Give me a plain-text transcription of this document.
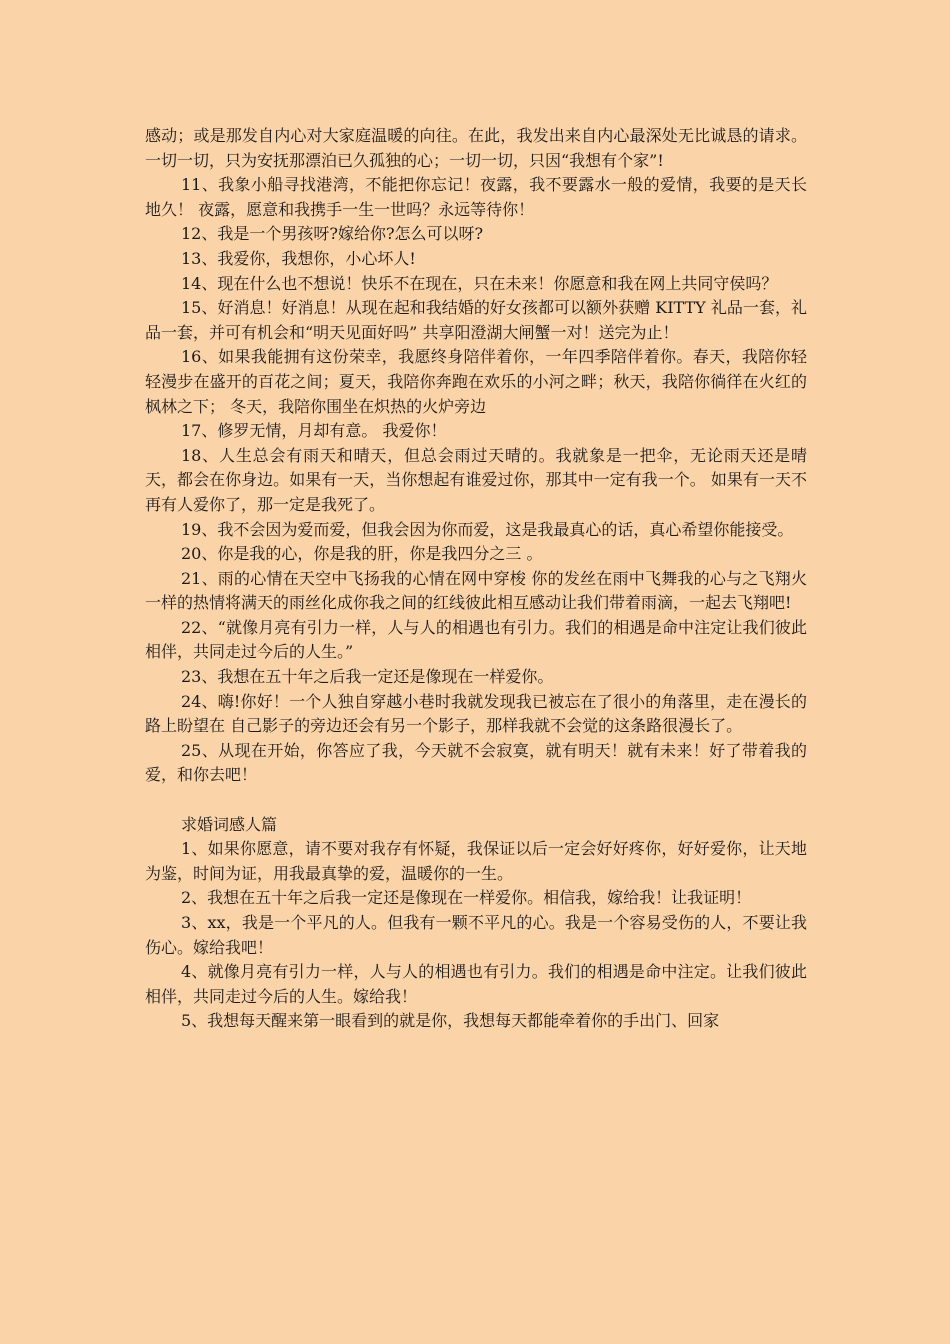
感动；或是那发自内心对大家庭温暖的向往。在此，我发出来自内心最深处无比诚恳的请求。一切一切，只为安抚那漂泊已久孤独的心；一切一切，只因“我想有个家”!

11、我象小船寻找港湾，不能把你忘记！夜露，我不要露水一般的爱情，我要的是天长地久！ 夜露，愿意和我携手一生一世吗？永远等待你！

12、我是一个男孩呀?嫁给你?怎么可以呀?

13、我爱你，我想你，小心坏人!

14、现在什么也不想说！快乐不在现在，只在未来！你愿意和我在网上共同守侯吗？

15、好消息！好消息！从现在起和我结婚的好女孩都可以额外获赠 KITTY 礼品一套，礼品一套，并可有机会和“明天见面好吗” 共享阳澄湖大闸蟹一对！送完为止！

16、如果我能拥有这份荣幸，我愿终身陪伴着你，一年四季陪伴着你。春天，我陪你轻轻漫步在盛开的百花之间；夏天，我陪你奔跑在欢乐的小河之畔；秋天，我陪你徜徉在火红的枫林之下； 冬天，我陪你围坐在炽热的火炉旁边

17、修罗无情，月却有意。 我爱你！

18、人生总会有雨天和晴天，但总会雨过天晴的。我就象是一把伞，无论雨天还是晴天，都会在你身边。如果有一天，当你想起有谁爱过你，那其中一定有我一个。 如果有一天不再有人爱你了，那一定是我死了。

19、我不会因为爱而爱，但我会因为你而爱，这是我最真心的话，真心希望你能接受。

20、你是我的心，你是我的肝，你是我四分之三 。

21、雨的心情在天空中飞扬我的心情在网中穿梭 你的发丝在雨中飞舞我的心与之飞翔火一样的热情将满天的雨丝化成你我之间的红线彼此相互感动让我们带着雨滴，一起去飞翔吧!

22、“就像月亮有引力一样，人与人的相遇也有引力。我们的相遇是命中注定让我们彼此相伴，共同走过今后的人生。”

23、我想在五十年之后我一定还是像现在一样爱你。

24、嗨!你好！一个人独自穿越小巷时我就发现我已被忘在了很小的角落里，走在漫长的路上盼望在 自己影子的旁边还会有另一个影子，那样我就不会觉的这条路很漫长了。

25、从现在开始，你答应了我，今天就不会寂寞，就有明天！就有未来！好了带着我的爱，和你去吧！

求婚词感人篇

1、如果你愿意，请不要对我存有怀疑，我保证以后一定会好好疼你，好好爱你，让天地为鉴，时间为证，用我最真挚的爱，温暖你的一生。

2、我想在五十年之后我一定还是像现在一样爱你。相信我，嫁给我！让我证明！

3、xx，我是一个平凡的人。但我有一颗不平凡的心。我是一个容易受伤的人，不要让我伤心。嫁给我吧！

4、就像月亮有引力一样，人与人的相遇也有引力。我们的相遇是命中注定。让我们彼此相伴，共同走过今后的人生。嫁给我！

5、我想每天醒来第一眼看到的就是你，我想每天都能牵着你的手出门、回家
